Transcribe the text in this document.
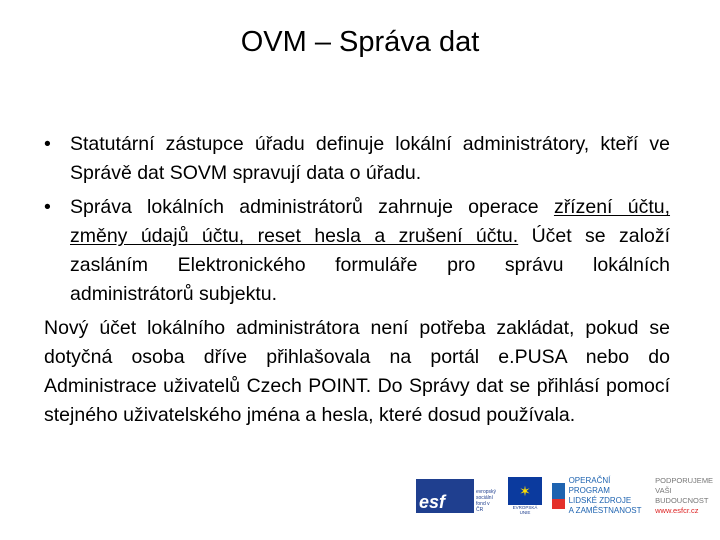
OVM – Správa dat
• Statutární zástupce úřadu definuje lokální administrátory, kteří ve Správě dat SOVM spravují data o úřadu.
• Správa lokálních administrátorů zahrnuje operace zřízení účtu, změny údajů účtu, reset hesla a zrušení účtu. Účet se založí zasláním Elektronického formuláře pro správu lokálních administrátorů subjektu.
Nový účet lokálního administrátora není potřeba zakládat, pokud se dotyčná osoba dříve přihlašovala na portál e.PUSA nebo do Administrace uživatelů Czech POINT. Do Správy dat se přihlásí pomocí stejného uživatelského jména a hesla, které dosud používala.
esf	evropský sociální fond v ČR
✶
EVROPSKÁ UNIE
OPERAČNÍ PROGRAM
LIDSKÉ ZDROJE
A ZAMĚSTNANOST
PODPORUJEME
VAŠI BUDOUCNOST
www.esfcr.cz
